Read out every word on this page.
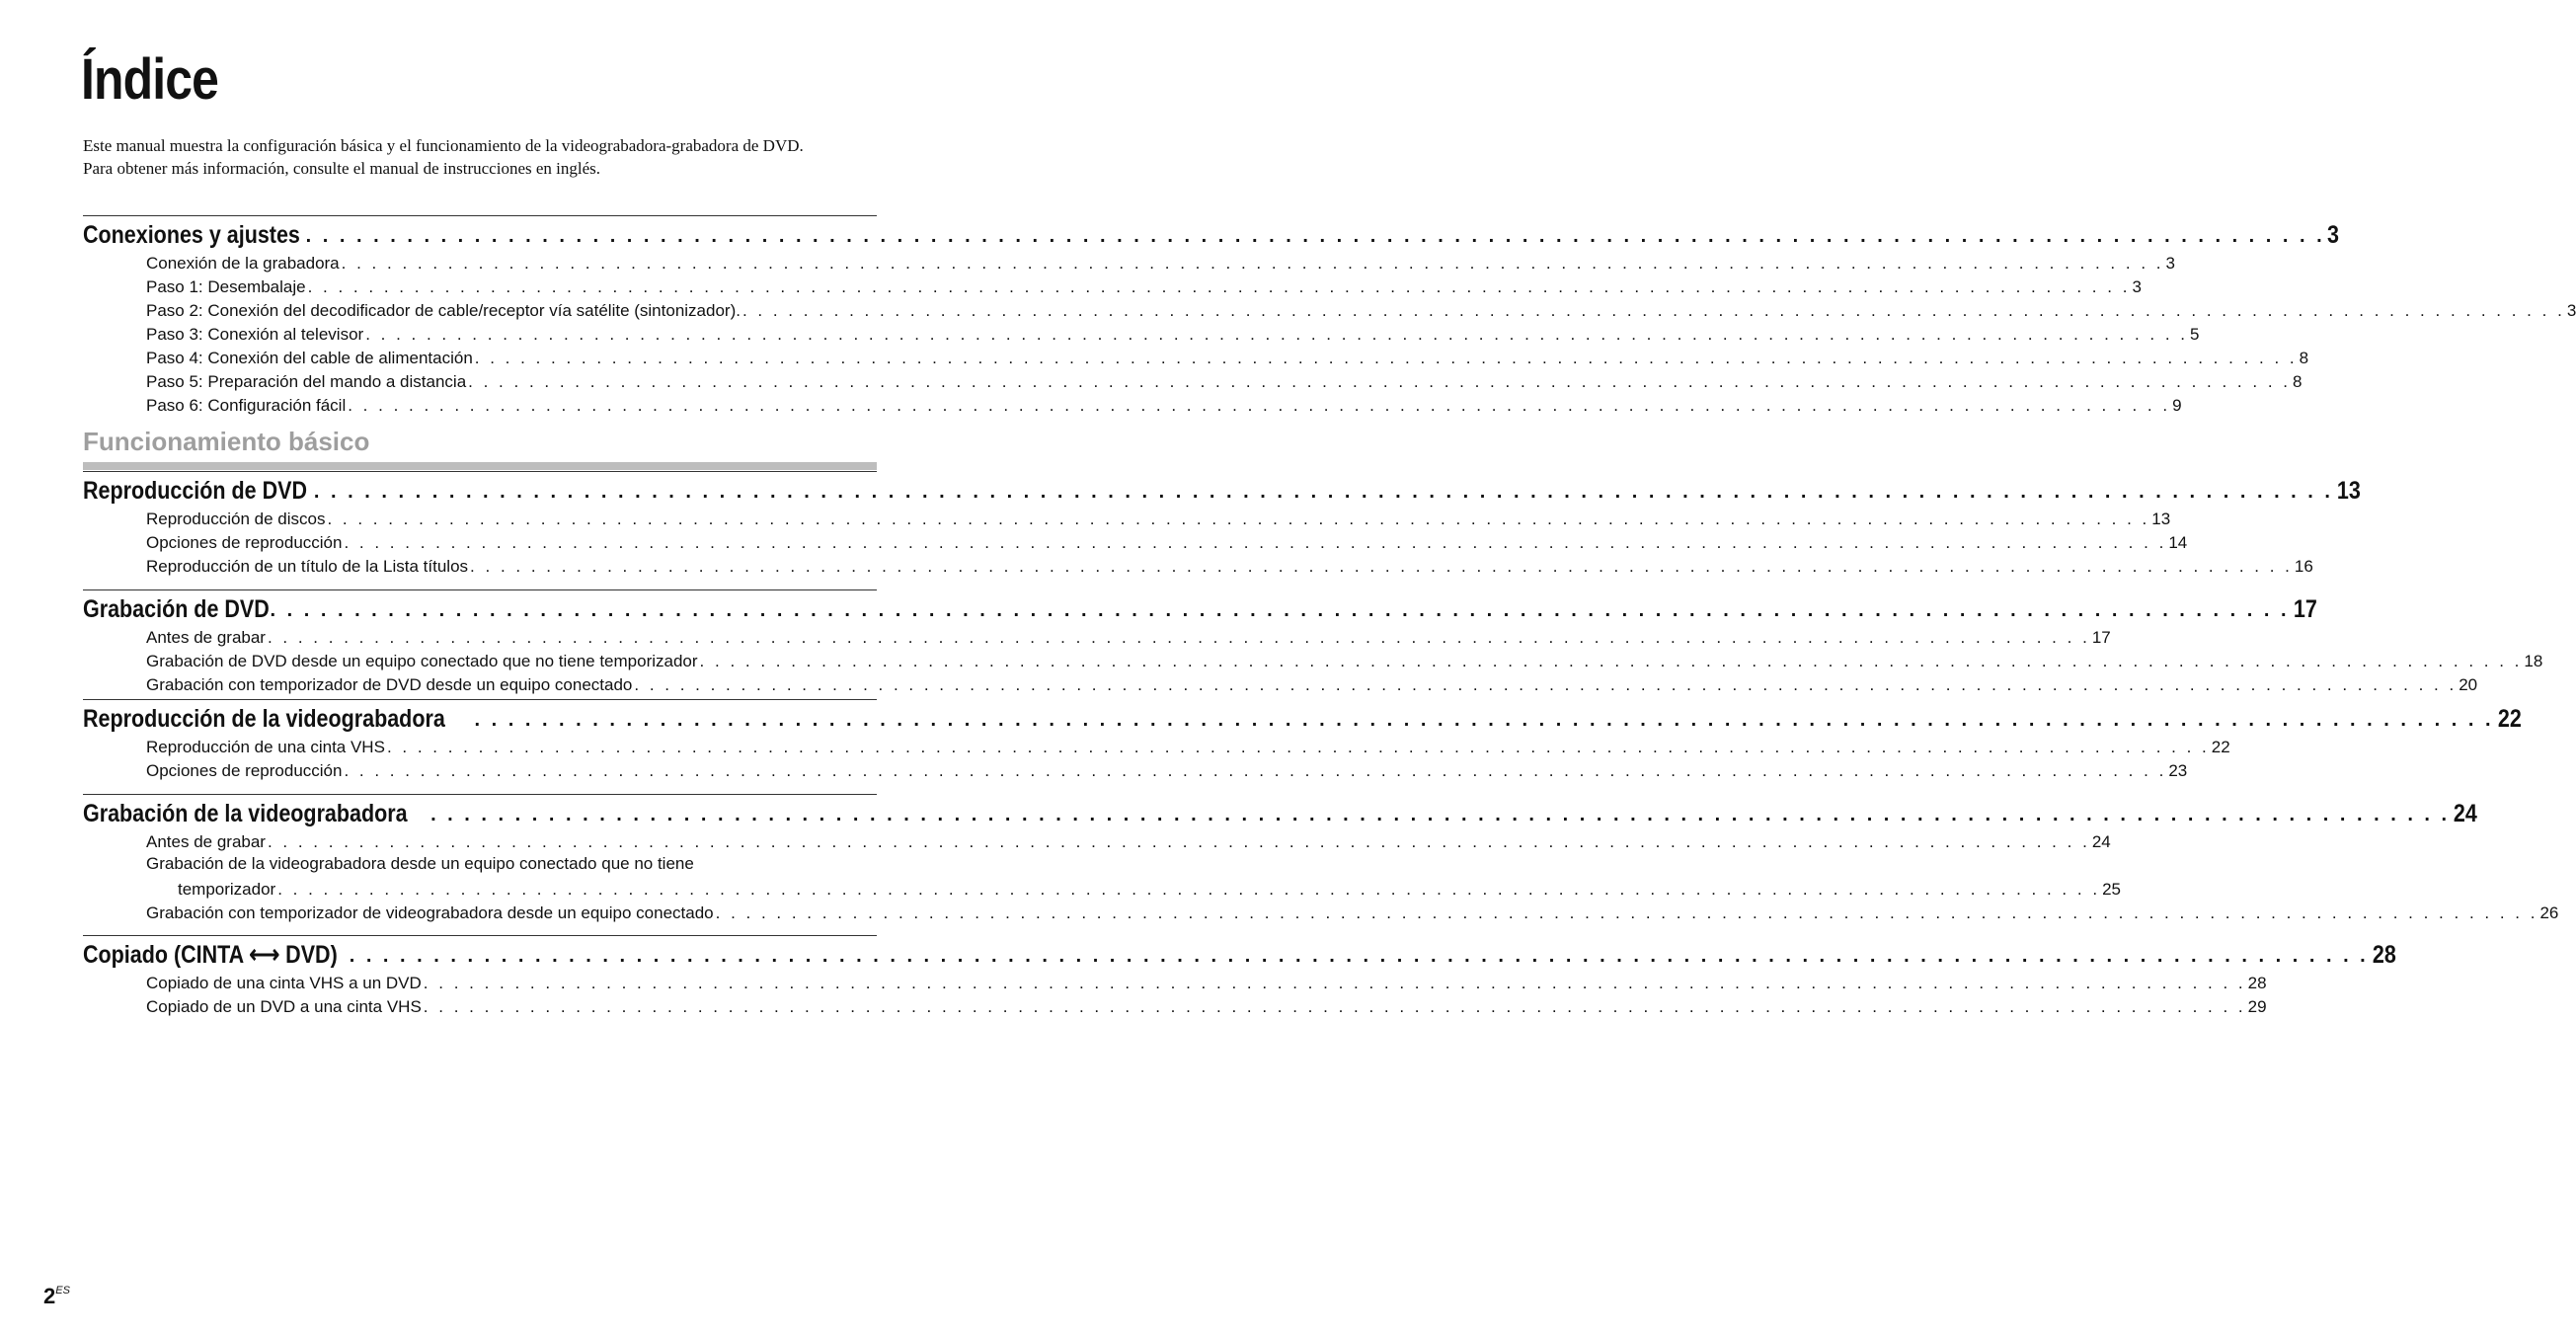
Índice

Este manual muestra la configuración básica y el funcionamiento de la videograbadora-grabadora de DVD.

Para obtener más información, consulte el manual de instrucciones en inglés.

Conexiones y ajustes . . . . . . . . . . . . . . . . . . . . . . . . . . . . . . . . . . . . . . . . . . . . . . . . . . . . . . . . . . . . . . . . . . . . . . . . . . . . . . . . . . . . . . . . . . . . . . . . . . . . . . . . . . . . . . . . . . . . . . . . 3
Conexión de la grabadora . . . . . . . . . . . . . . . . . . . . . . . . . . . . . . . . . . . . . . . . . . . . . . . . . . . . . . . . . . . . . . . . . . . . . . . . . . . . . . . . . . . . . . . . . . . . . . . . . . . . . . . . . . . . . . . . . . . . . . . . 3
Paso 1: Desembalaje . . . . . . . . . . . . . . . . . . . . . . . . . . . . . . . . . . . . . . . . . . . . . . . . . . . . . . . . . . . . . . . . . . . . . . . . . . . . . . . . . . . . . . . . . . . . . . . . . . . . . . . . . . . . . . . . . . . . . . . . 3
Paso 2: Conexión del decodificador de cable/receptor vía satélite (sintonizador). . . . . . . . . . . . . . . . . . . . . . . . . . . . . . . . . . . . . . . . . . . . . . . . . . . . . . . . . . . . . . . . . . . . . . . . . . . . . . . . . . . . . . . . . . . . . . . . . . . . . . . . . . . . . . . . . . . . . . . . . 3
Paso 3: Conexión al televisor . . . . . . . . . . . . . . . . . . . . . . . . . . . . . . . . . . . . . . . . . . . . . . . . . . . . . . . . . . . . . . . . . . . . . . . . . . . . . . . . . . . . . . . . . . . . . . . . . . . . . . . . . . . . . . . . . . . . . . . . 5
Paso 4: Conexión del cable de alimentación . . . . . . . . . . . . . . . . . . . . . . . . . . . . . . . . . . . . . . . . . . . . . . . . . . . . . . . . . . . . . . . . . . . . . . . . . . . . . . . . . . . . . . . . . . . . . . . . . . . . . . . . . . . . . . . . . . . . . . . . 8
Paso 5: Preparación del mando a distancia . . . . . . . . . . . . . . . . . . . . . . . . . . . . . . . . . . . . . . . . . . . . . . . . . . . . . . . . . . . . . . . . . . . . . . . . . . . . . . . . . . . . . . . . . . . . . . . . . . . . . . . . . . . . . . . . . . . . . . . . 8
Paso 6: Configuración fácil . . . . . . . . . . . . . . . . . . . . . . . . . . . . . . . . . . . . . . . . . . . . . . . . . . . . . . . . . . . . . . . . . . . . . . . . . . . . . . . . . . . . . . . . . . . . . . . . . . . . . . . . . . . . . . . . . . . . . . . . 9
Funcionamiento básico
Reproducción de DVD . . . . . . . . . . . . . . . . . . . . . . . . . . . . . . . . . . . . . . . . . . . . . . . . . . . . . . . . . . . . . . . . . . . . . . . . . . . . . . . . . . . . . . . . . . . . . . . . . . . . . . . . . . . . . . . . . . . . . . . . 13
Reproducción de discos . . . . . . . . . . . . . . . . . . . . . . . . . . . . . . . . . . . . . . . . . . . . . . . . . . . . . . . . . . . . . . . . . . . . . . . . . . . . . . . . . . . . . . . . . . . . . . . . . . . . . . . . . . . . . . . . . . . . . . . . 13
Opciones de reproducción . . . . . . . . . . . . . . . . . . . . . . . . . . . . . . . . . . . . . . . . . . . . . . . . . . . . . . . . . . . . . . . . . . . . . . . . . . . . . . . . . . . . . . . . . . . . . . . . . . . . . . . . . . . . . . . . . . . . . . . . 14
Reproducción de un título de la Lista títulos . . . . . . . . . . . . . . . . . . . . . . . . . . . . . . . . . . . . . . . . . . . . . . . . . . . . . . . . . . . . . . . . . . . . . . . . . . . . . . . . . . . . . . . . . . . . . . . . . . . . . . . . . . . . . . . . . . . . . . . . 16
Grabación de DVD . . . . . . . . . . . . . . . . . . . . . . . . . . . . . . . . . . . . . . . . . . . . . . . . . . . . . . . . . . . . . . . . . . . . . . . . . . . . . . . . . . . . . . . . . . . . . . . . . . . . . . . . . . . . . . . . . . . . . . . . 17
Antes de grabar . . . . . . . . . . . . . . . . . . . . . . . . . . . . . . . . . . . . . . . . . . . . . . . . . . . . . . . . . . . . . . . . . . . . . . . . . . . . . . . . . . . . . . . . . . . . . . . . . . . . . . . . . . . . . . . . . . . . . . . . 17
Grabación de DVD desde un equipo conectado que no tiene temporizador . . . . . . . . . . . . . . . . . . . . . . . . . . . . . . . . . . . . . . . . . . . . . . . . . . . . . . . . . . . . . . . . . . . . . . . . . . . . . . . . . . . . . . . . . . . . . . . . . . . . . . . . . . . . . . . . . . . . . . . . 18
Grabación con temporizador de DVD desde un equipo conectado . . . . . . . . . . . . . . . . . . . . . . . . . . . . . . . . . . . . . . . . . . . . . . . . . . . . . . . . . . . . . . . . . . . . . . . . . . . . . . . . . . . . . . . . . . . . . . . . . . . . . . . . . . . . . . . . . . . . . . . . 20
Reproducción de la videograbadora . . . . . . . . . . . . . . . . . . . . . . . . . . . . . . . . . . . . . . . . . . . . . . . . . . . . . . . . . . . . . . . . . . . . . . . . . . . . . . . . . . . . . . . . . . . . . . . . . . . . . . . . . . . . . . . . . . . . . . . . 22
Reproducción de una cinta VHS . . . . . . . . . . . . . . . . . . . . . . . . . . . . . . . . . . . . . . . . . . . . . . . . . . . . . . . . . . . . . . . . . . . . . . . . . . . . . . . . . . . . . . . . . . . . . . . . . . . . . . . . . . . . . . . . . . . . . . . . 22
Opciones de reproducción . . . . . . . . . . . . . . . . . . . . . . . . . . . . . . . . . . . . . . . . . . . . . . . . . . . . . . . . . . . . . . . . . . . . . . . . . . . . . . . . . . . . . . . . . . . . . . . . . . . . . . . . . . . . . . . . . . . . . . . . 23
Grabación de la videograbadora . . . . . . . . . . . . . . . . . . . . . . . . . . . . . . . . . . . . . . . . . . . . . . . . . . . . . . . . . . . . . . . . . . . . . . . . . . . . . . . . . . . . . . . . . . . . . . . . . . . . . . . . . . . . . . . . . . . . . . . . 24
Antes de grabar . . . . . . . . . . . . . . . . . . . . . . . . . . . . . . . . . . . . . . . . . . . . . . . . . . . . . . . . . . . . . . . . . . . . . . . . . . . . . . . . . . . . . . . . . . . . . . . . . . . . . . . . . . . . . . . . . . . . . . . . 24
Grabación de la videograbadora desde un equipo conectado que no tiene
temporizador . . . . . . . . . . . . . . . . . . . . . . . . . . . . . . . . . . . . . . . . . . . . . . . . . . . . . . . . . . . . . . . . . . . . . . . . . . . . . . . . . . . . . . . . . . . . . . . . . . . . . . . . . . . . . . . . . . . . . . . . 25
Grabación con temporizador de videograbadora desde un equipo conectado . . . . . . . . . . . . . . . . . . . . . . . . . . . . . . . . . . . . . . . . . . . . . . . . . . . . . . . . . . . . . . . . . . . . . . . . . . . . . . . . . . . . . . . . . . . . . . . . . . . . . . . . . . . . . . . . . . . . . . . . 26
Copiado (CINTA ⟷ DVD) . . . . . . . . . . . . . . . . . . . . . . . . . . . . . . . . . . . . . . . . . . . . . . . . . . . . . . . . . . . . . . . . . . . . . . . . . . . . . . . . . . . . . . . . . . . . . . . . . . . . . . . . . . . . . . . . . . . . . . . . 28
Copiado de una cinta VHS a un DVD . . . . . . . . . . . . . . . . . . . . . . . . . . . . . . . . . . . . . . . . . . . . . . . . . . . . . . . . . . . . . . . . . . . . . . . . . . . . . . . . . . . . . . . . . . . . . . . . . . . . . . . . . . . . . . . . . . . . . . . . 28
Copiado de un DVD a una cinta VHS . . . . . . . . . . . . . . . . . . . . . . . . . . . . . . . . . . . . . . . . . . . . . . . . . . . . . . . . . . . . . . . . . . . . . . . . . . . . . . . . . . . . . . . . . . . . . . . . . . . . . . . . . . . . . . . . . . . . . . . . 29
$2^{ES}$
